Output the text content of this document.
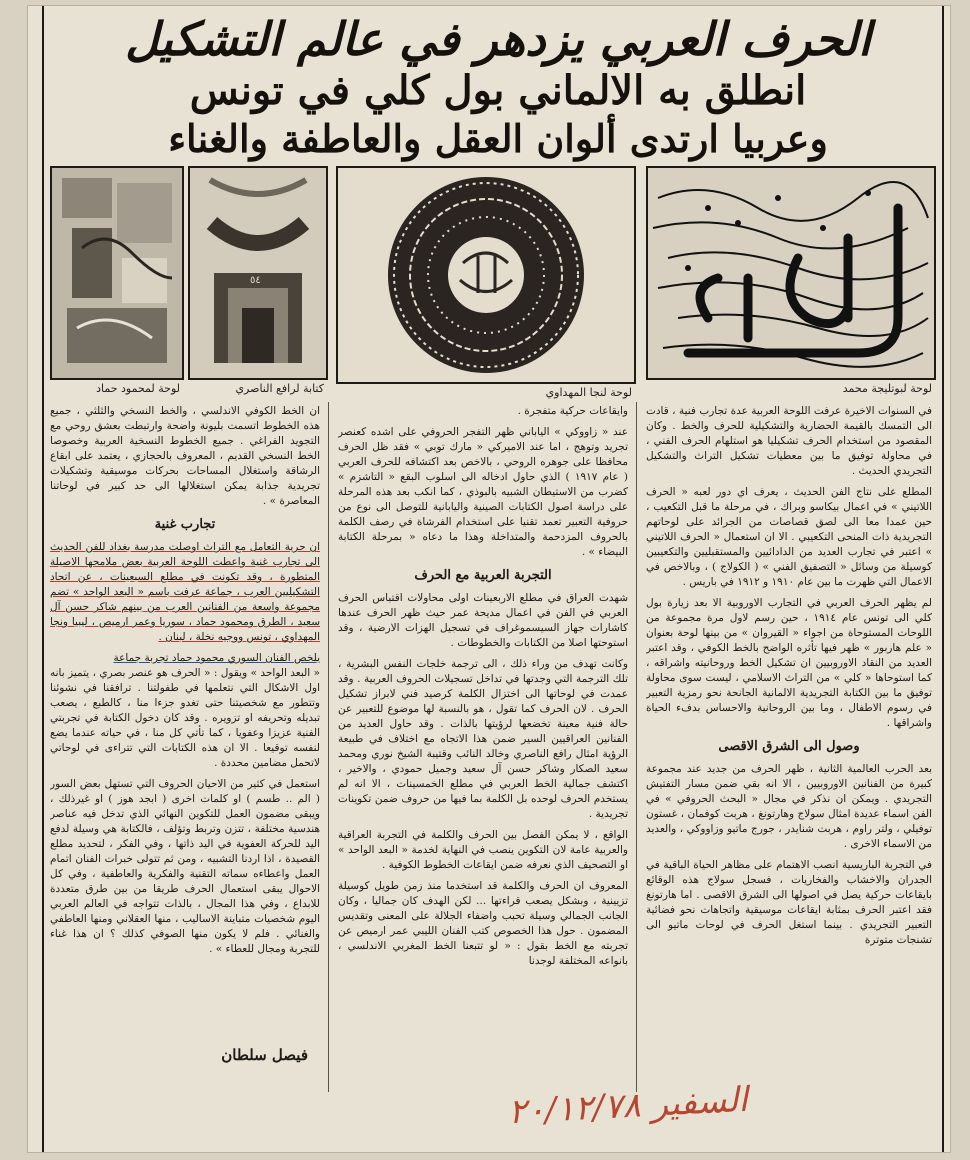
الحرف العربي يزدهر في عالم التشكيل
انطلق به الالماني بول كلي في تونس
وعربيا ارتدى ألوان العقل والعاطفة والغناء
لوحة لبوتليجة محمد
لوحة لنجا المهداوي
٥٤
كتابة لرافع الناصري
لوحة لمحمود حماد

في السنوات الاخيرة عرفت اللوحة العربية عدة تجارب فنية ، قادت الى التمسك بالقيمة الحضارية والتشكيلية للحرف والخط . وكان المقصود من استخدام الحرف تشكيليا هو استلهام الحرف الفني ، في محاولة توفيق ما بين معطيات تشكيل التراث والتشكيل التجريدي الحديث .

المطلع على نتاج الفن الحديث ، يعرف اي دور لعبه « الحرف اللاتيني » في اعمال بيكاسو وبراك ، في مرحلة ما قبل التكعيب ، حين عمدا معا الى لصق قصاصات من الجرائد على لوحاتهم التجريدية ذات المنحى التكعيبي . الا ان استعمال « الحرف اللاتيني » اعتبر في تجارب العديد من الدادائيين والمستقبليين والتكعيبين كوسيلة من وسائل « التصفيق الفني » ( الكولاج ) ، وبالاخص في الاعمال التي ظهرت ما بين عام ١٩١٠ و ١٩١٢ في باريس .

لم يظهر الحرف العربي في التجارب الاوروبية الا بعد زيارة بول كلي الى تونس عام ١٩١٤ ، حين رسم لاول مرة مجموعة من اللوحات المستوحاة من اجواء « القيروان » من بينها لوحة بعنوان « علم هاربور » ظهر فيها تأثره الواضح بالخط الكوفي ، وقد اعتبر العديد من النقاد الاوروبيين ان تشكيل الخط وروحانيته واشراقه ، كما استوحاها « كلي » من التراث الاسلامي ، ليست سوى محاولة توفيق ما بين الكتابة التجريدية الالمانية الجانحة نحو رمزية التعبير في رسوم الاطفال ، وما بين الروحانية والاحساس بدفء الحياة واشراقها .

وصول الى الشرق الاقصى

بعد الحرب العالمية الثانية ، ظهر الحرف من جديد عند مجموعة كبيرة من الفنانين الاوروبيين ، الا انه بقي ضمن مسار التفتيش التجريدي . ويمكن ان نذكر في مجال « البحث الحروفي » في الفن اسماء عديدة امثال سولاج وهارتونغ ، هربت كوفمان ، غستون توفيلي ، ولتر راوم ، هربت شنايدر ، جورج ماتيو وزاووكي ، والعديد من الاسماء الاخرى .

في التجربة الباريسية انصب الاهتمام على مظاهر الحياة الباقية في الجدران والاخشاب والفخاريات ، فسجل سولاج هذه الوقائع بايقاعات حركية يصل في اصولها الى الشرق الاقصى . اما هارتونغ فقد اعتبر الحرف بمثابة ايقاعات موسيقية واتجاهات نحو فضائية التعبير التجريدي . بينما استغل الحرف في لوحات ماتيو الى تشنجات متوترة

وايقاعات حركية متفجرة .

عند « زاووكي » الياباني ظهر التفجر الحروفي على اشده كعنصر تجريد وتوهج ، اما عند الاميركي « مارك توبي » فقد ظل الحرف محافظا على جوهره الروحي ، بالاخص بعد اكتشافه للحرف العربي ( عام ١٩١٧ ) الذي حاول ادخاله الى اسلوب البقع « التاشزم » كضرب من الاستيطان الشبيه بالبوذي ، كما انكب بعد هذه المرحلة على دراسة اصول الكتابات الصينية واليابانية للتوصل الى نوع من حروفية التعبير تعمد تقنيا على استخدام الفرشاة في رصف الكلمة بالحروف المزدحمة والمتداخلة وهذا ما دعاه « بمرحلة الكتابة البيضاء » .

التجربة العربية مع الحرف

شهدت العراق في مطلع الاربعينات اولى محاولات اقتباس الحرف العربي في الفن في اعمال مديحة عمر حيث ظهر الحرف عندها كاشارات جهاز السيسموغراف في تسجيل الهزات الارضية ، وقد استوحتها اصلا من الكتابات والخطوطات .

وكانت تهدف من وراء ذلك ، الى ترجمة خلجات النفس البشرية ، تلك الترجمة التي وجدتها في تداخل تسجيلات الحروف العربية . وقد عمدت في لوحاتها الى اختزال الكلمة كرصيد فني لابراز تشكيل الحرف . لان الحرف كما تقول ، هو بالنسبة لها موضوع للتعبير عن حالة فنية معينة تخضعها لرؤيتها بالذات . وقد حاول العديد من الفنانين العراقيين السير ضمن هذا الاتجاه مع اختلاف في طبيعة الرؤية امثال رافع الناصري وخالد النائب وقتيبة الشيخ نوري ومحمد سعيد الصكار وشاكر حسن آل سعيد وجميل حمودي ، والاخير ، اكتشف جمالية الخط العربي في مطلع الخمسينات ، الا انه لم يستخدم الحرف لوحده بل الكلمة بما فيها من حروف ضمن تكوينات تجريدية .

الواقع ، لا يمكن الفصل بين الحرف والكلمة في التجربة العراقية والعربية عامة لان التكوين ينصب في النهاية لخدمة « البعد الواحد » او التصحيف الذي نعرفه ضمن ايقاعات الخطوط الكوفية .

المعروف ان الحرف والكلمة قد استخدما منذ زمن طويل كوسيلة تزيينية ، وبشكل يصعب قراءتها ... لكن الهدف كان جماليا ، وكان الجانب الجمالي وسيلة تحبب واضفاء الجلالة على المعنى وتقديس المضمون . حول هذا الخصوص كتب الفنان الليبي عمر ارميص عن تجربته مع الخط بقول : « لو تتبعنا الخط المغربي الاندلسي ، بانواعه المختلفة لوجدنا

ان الخط الكوفي الاندلسي ، والخط النسخي والثلثي ، جميع هذه الخطوط اتسمت بليونة واضحة وارتبطت بعشق روحي مع التجويد الفراغي . جميع الخطوط النسخية العربية وخصوصا الخط النسخي القديم ، المعروف بالحجازي ، يعتمد على ابقاع الرشاقة واستغلال المساحات بحركات موسيقية وتشكيلات تجريدية جذابة يمكن استغلالها الى حد كبير في لوحاتنا المعاصرة » .

تجارب غنية

ان حرية التعامل مع التراث اوصلت مدرسة بغداد للفن الحديث الى تجارب غنية واعطت اللوحة العربية بعض ملامحها الاصيلة المتطورة ، وقد تكونت في مطلع السبعينات ، عن اتحاد التشكيليين العرب ، جماعة عرفت باسم « البعد الواحد » تضم مجموعة واسعة من الفنانين العرب من بينهم شاكر حسن آل سعيد ، الطرق ومحمود حماد ، سوريا وعمر ارميص ، ليبيا ونجا المهداوي ، تونس ووجيه نخلة ، لبنان .

يلخص الفنان السوري محمود حماد تجربة جماعة

« البعد الواحد » ويقول : « الحرف هو عنصر بصري ، يتميز بانه اول الاشكال التي نتعلمها في طفولتنا . ترافقنا في نشوئنا وتتطور مع شخصيتنا حتى تغدو جزءا منا ، كالطبع ، يصعب تبديله وتحريفه او تزويره . وقد كان دخول الكتابة في تجربتي الفنية عزيزا وعفويا ، كما تأتي كل منا ، في حياته عندما يضع لنفسه توقيعا . الا ان هذه الكتابات التي تتراءى في لوحاتي لاتحمل مضامين محددة .

استعمل في كثير من الاحيان الحروف التي تستهل بعض السور ( الم .. طسم ) او كلمات اخرى ( ابجد هوز ) او غيرذلك ، ويبقى مضمون العمل للتكوين النهائي الذي تدخل فيه عناصر هندسية مختلفة ، تتزن وتربط وتؤلف ، فالكتابة هي وسيلة لدفع اليد للحركة العفوية في اليد ذاتها ، وفي الفكر ، لتحديد مطلع القصيدة ، اذا اردنا التشبيه ، ومن ثم تتولى خبرات الفنان اتمام العمل واعطاءه سماته التقنية والفكرية والعاطفية ، وفي كل الاحوال يبقى استعمال الحرف طريقا من بين طرق متعددة للابداع ، وفي هذا المجال ، بالذات تتواجه في العالم العربي اليوم شخصيات متباينة الاساليب ، منها العقلاني ومنها العاطفي والغنائي . فلم لا يكون منها الصوفي كذلك ؟ ان هذا غناء للتجربة ومجال للعطاء » .

فيصل سلطان
السفير ٢٠/١٢/٧٨
